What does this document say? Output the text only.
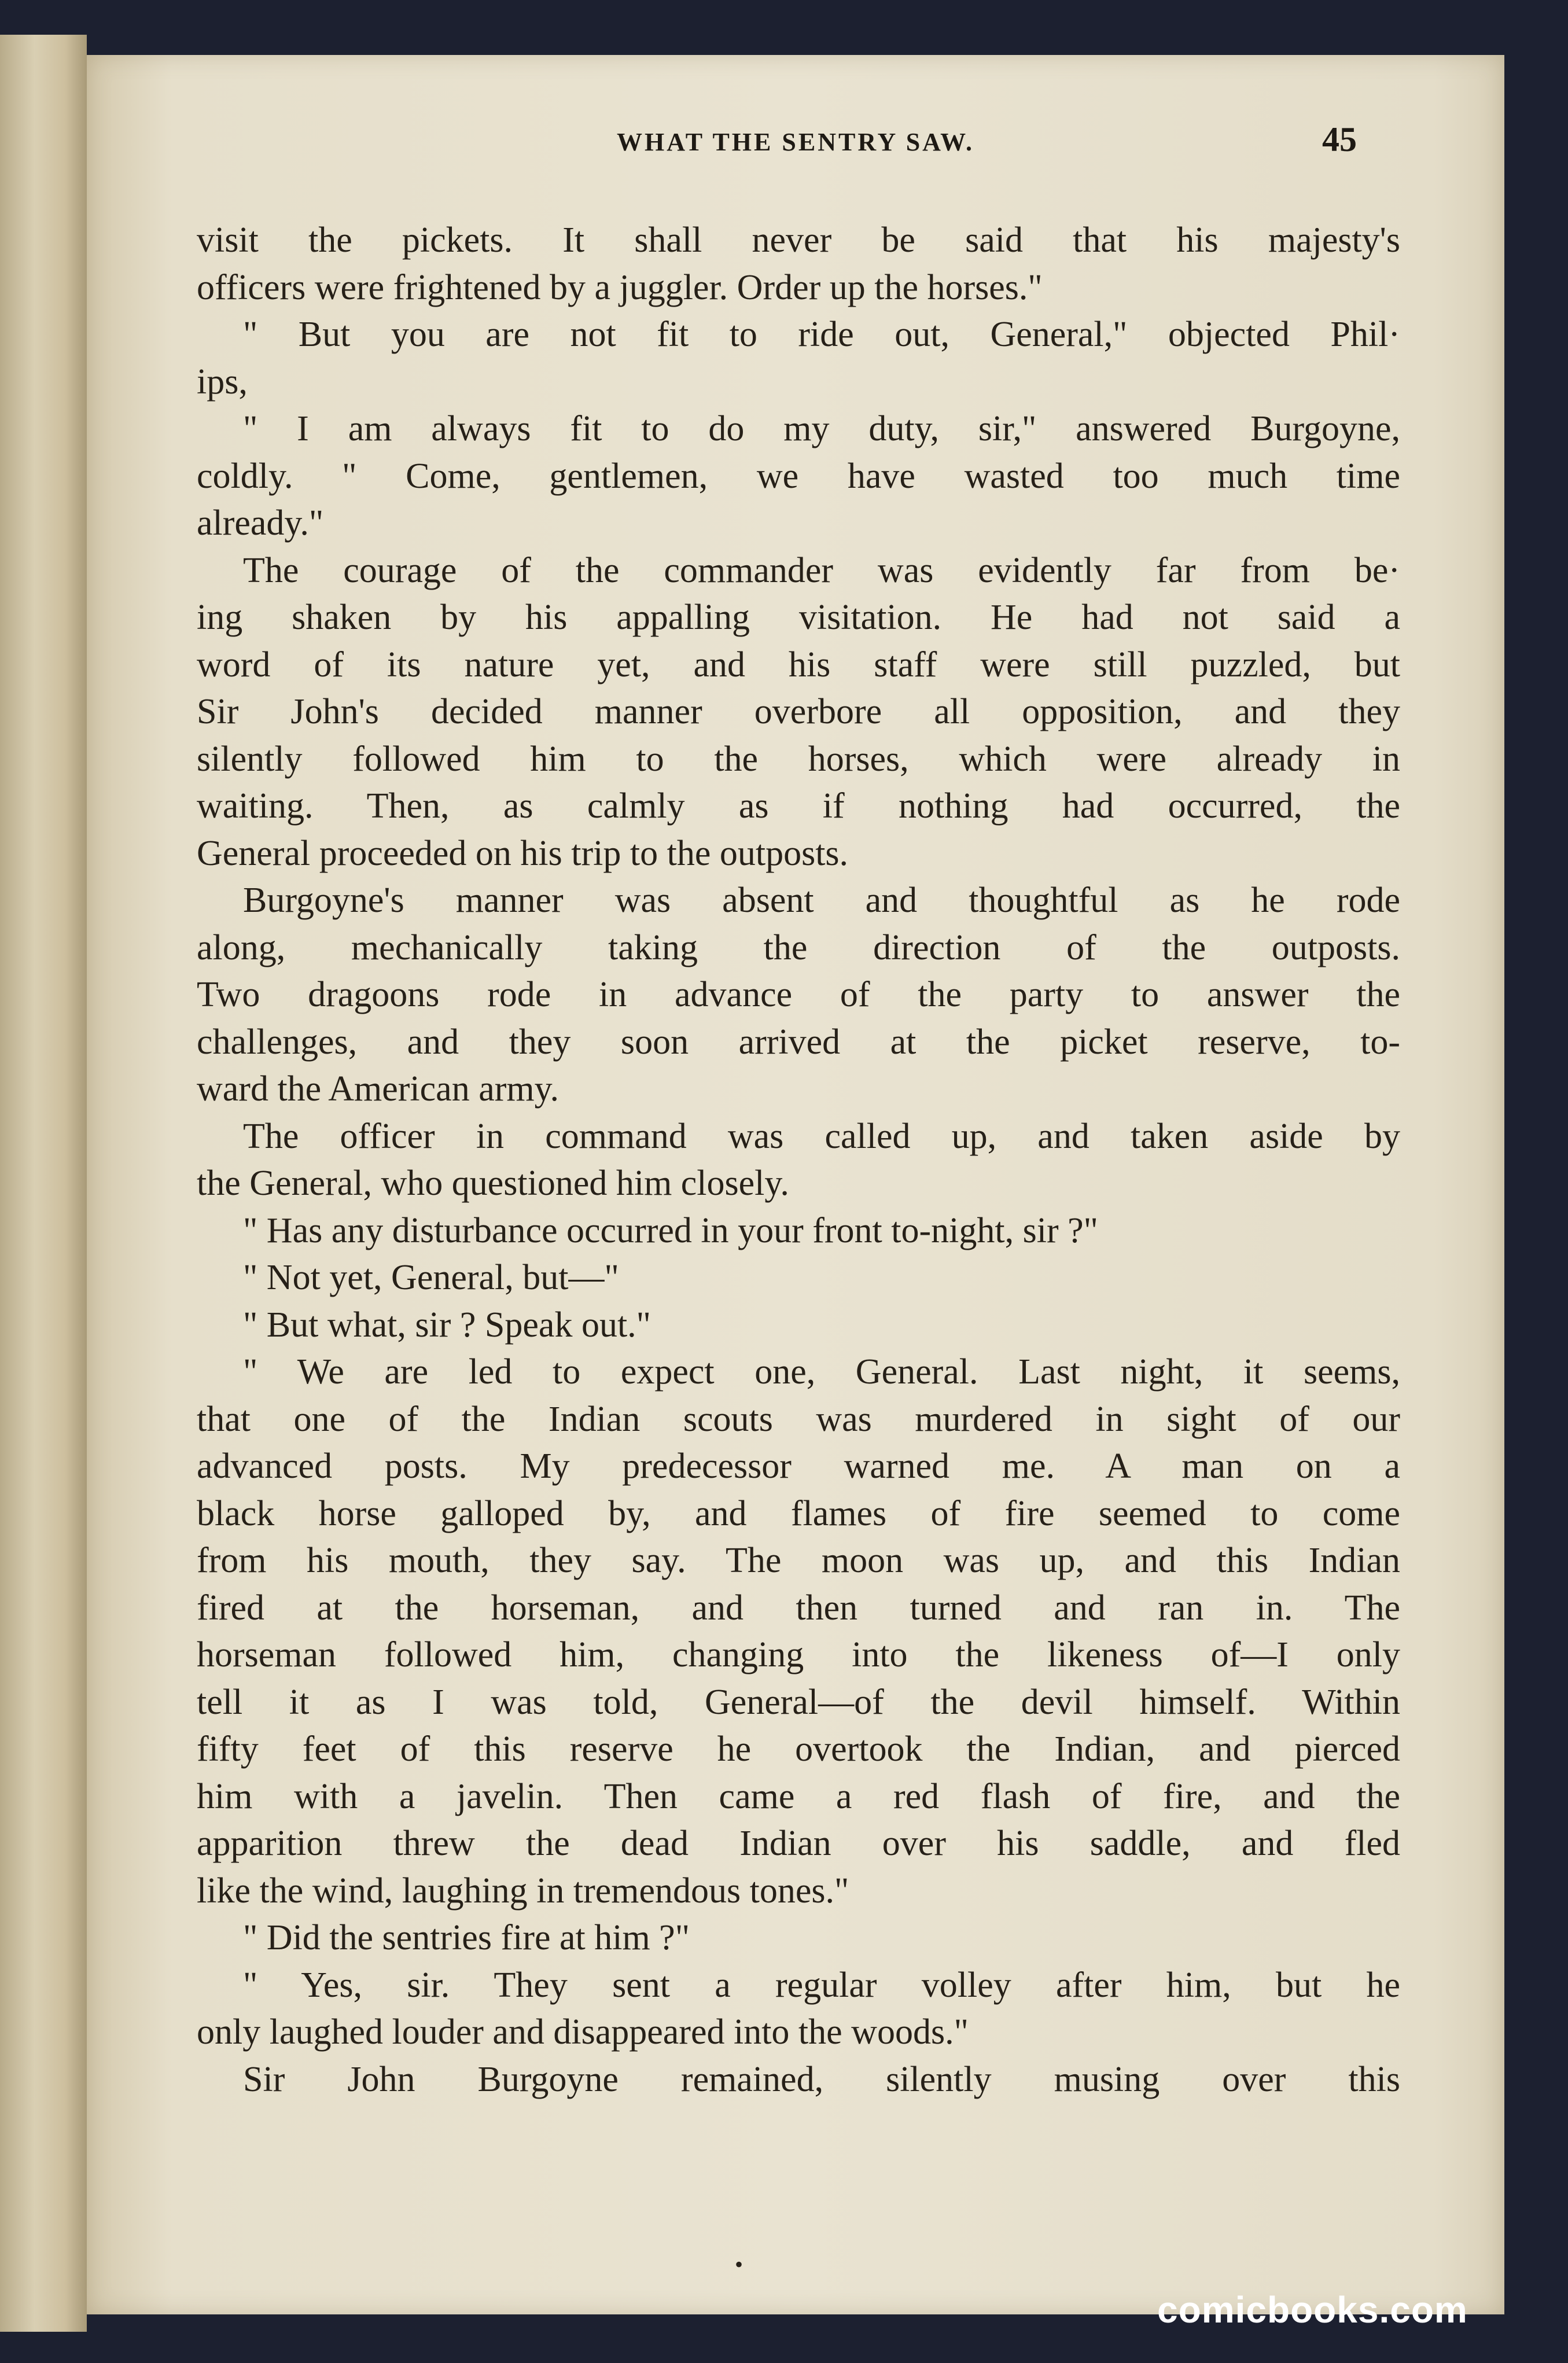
WHAT THE SENTRY SAW.	45

visit the pickets. It shall never be said that his majesty's

officers were frightened by a juggler. Order up the horses."

" But you are not fit to ride out, General," objected Phil·

ips,

" I am always fit to do my duty, sir," answered Burgoyne,

coldly. " Come, gentlemen, we have wasted too much time

already."

The courage of the commander was evidently far from be·

ing shaken by his appalling visitation. He had not said a

word of its nature yet, and his staff were still puzzled, but

Sir John's decided manner overbore all opposition, and they

silently followed him to the horses, which were already in

waiting. Then, as calmly as if nothing had occurred, the

General proceeded on his trip to the outposts.

Burgoyne's manner was absent and thoughtful as he rode

along, mechanically taking the direction of the outposts.

Two dragoons rode in advance of the party to answer the

challenges, and they soon arrived at the picket reserve, to-

ward the American army.

The officer in command was called up, and taken aside by

the General, who questioned him closely.

" Has any disturbance occurred in your front to-night, sir ?"

" Not yet, General, but—"

" But what, sir ? Speak out."

" We are led to expect one, General. Last night, it seems,

that one of the Indian scouts was murdered in sight of our

advanced posts. My predecessor warned me. A man on a

black horse galloped by, and flames of fire seemed to come

from his mouth, they say. The moon was up, and this Indian

fired at the horseman, and then turned and ran in. The

horseman followed him, changing into the likeness of—I only

tell it as I was told, General—of the devil himself. Within

fifty feet of this reserve he overtook the Indian, and pierced

him with a javelin. Then came a red flash of fire, and the

apparition threw the dead Indian over his saddle, and fled

like the wind, laughing in tremendous tones."

" Did the sentries fire at him ?"

" Yes, sir. They sent a regular volley after him, but he

only laughed louder and disappeared into the woods."

Sir John Burgoyne remained, silently musing over this

•
comicbooks.com
